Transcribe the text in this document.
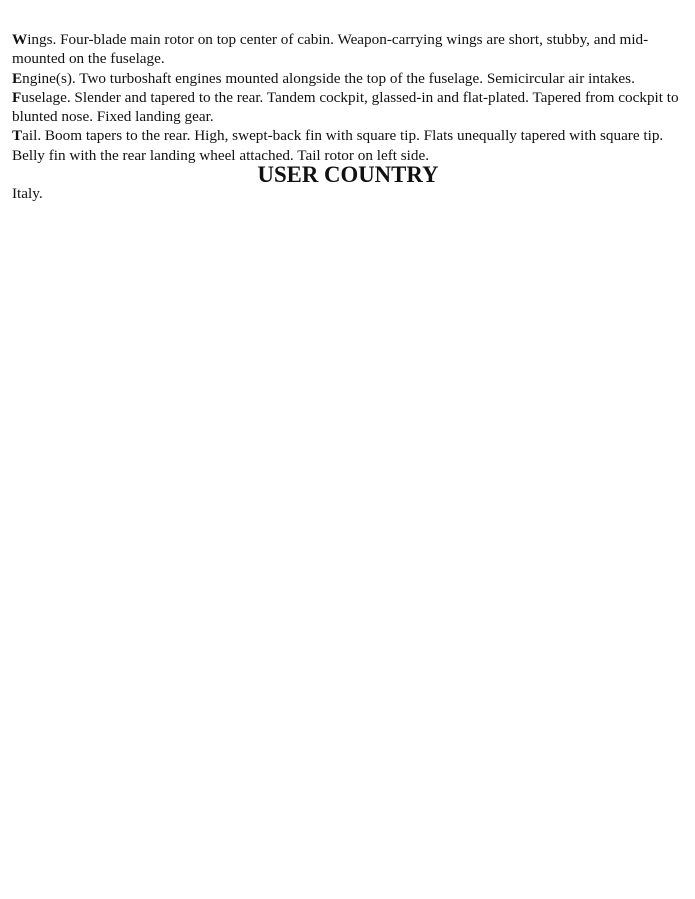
Wings. Four-blade main rotor on top center of cabin. Weapon-carrying wings are short, stubby, and mid-mounted on the fuselage.

Engine(s). Two turboshaft engines mounted alongside the top of the fuselage. Semicircular air intakes.

Fuselage. Slender and tapered to the rear. Tandem cockpit, glassed-in and flat-plated. Tapered from cockpit to blunted nose. Fixed landing gear.

Tail. Boom tapers to the rear. High, swept-back fin with square tip. Flats unequally tapered with square tip. Belly fin with the rear landing wheel attached. Tail rotor on left side.

USER COUNTRY

Italy.
